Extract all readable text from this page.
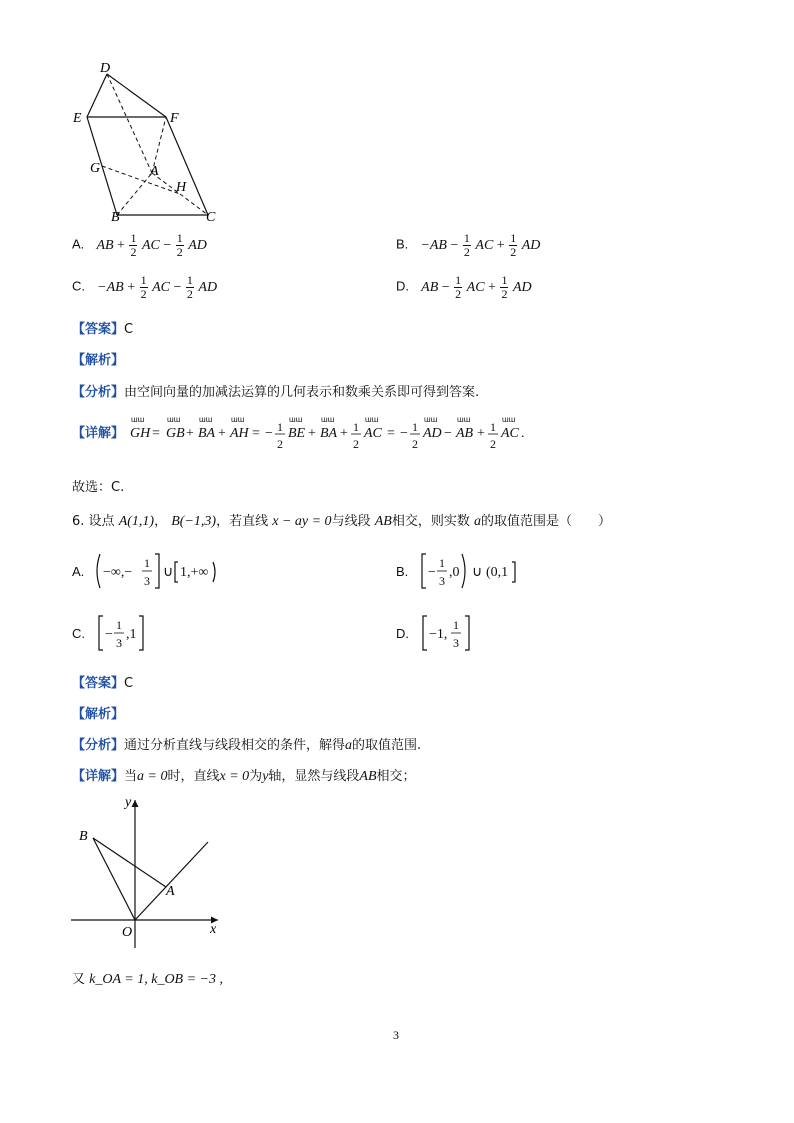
D
E	F
G	A
H
B	C
A. AB + $\frac{1}{2}$ AC − $\frac{1}{2}$ AD	B. $-AB - \frac{1}{2}$ AC + $\frac{1}{2}$ AD
C. $-AB + \frac{1}{2}$ AC − $\frac{1}{2}$ AD	D. AB − $\frac{1}{2}$ AC + $\frac{1}{2}$ AD
【答案】C
【解析】
【分析】由空间向量的加减法运算的几何表示和数乘关系即可得到答案.
【详解】 GH = GB + BA + AH = − 1
2
BE + BA + 1
2
AC = − 1
2
AD − AB + 1
2
AC .
ɯɯ	ɯɯ ɯɯ ɯɯ	ɯɯ ɯɯ	ɯɯ	ɯɯ ɯɯ	ɯɯ
故选：C.
6. 设点 A(1,1)， B(−1,3)，若直线 x − ay = 0与线段 AB相交，则实数 a的取值范围是（　　）
A. −∞,−
1
3
∪ 1,+∞	B. −
1
3
,0 ∪ (0,1
C. −
1
3
,1	D. −1,
1
3
【答案】C
【解析】
【分析】通过分析直线与线段相交的条件，解得a的取值范围.
【详解】当a = 0时，直线x = 0为y轴，显然与线段AB相交；
y
B
A
O	x
又 k_OA = 1, k_OB = −3 ,
3
